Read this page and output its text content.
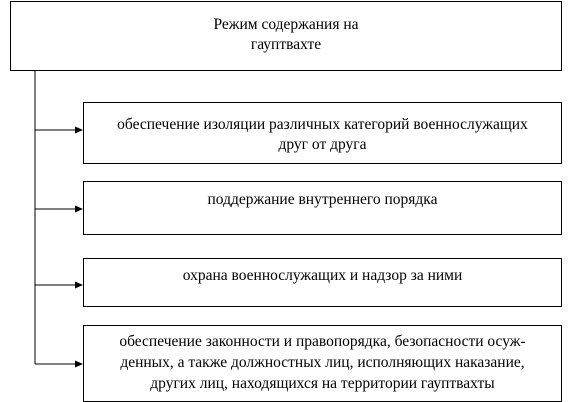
Режим содержания на
гауптвахте
обеспечение изоляции различных категорий военнослужащих
друг от друга
поддержание внутреннего порядка
охрана военнослужащих и надзор за ними
обеспечение законности и правопорядка, безопасности осуж-
денных, а также должностных лиц, исполняющих наказание,
других лиц, находящихся на территории гауптвахты
